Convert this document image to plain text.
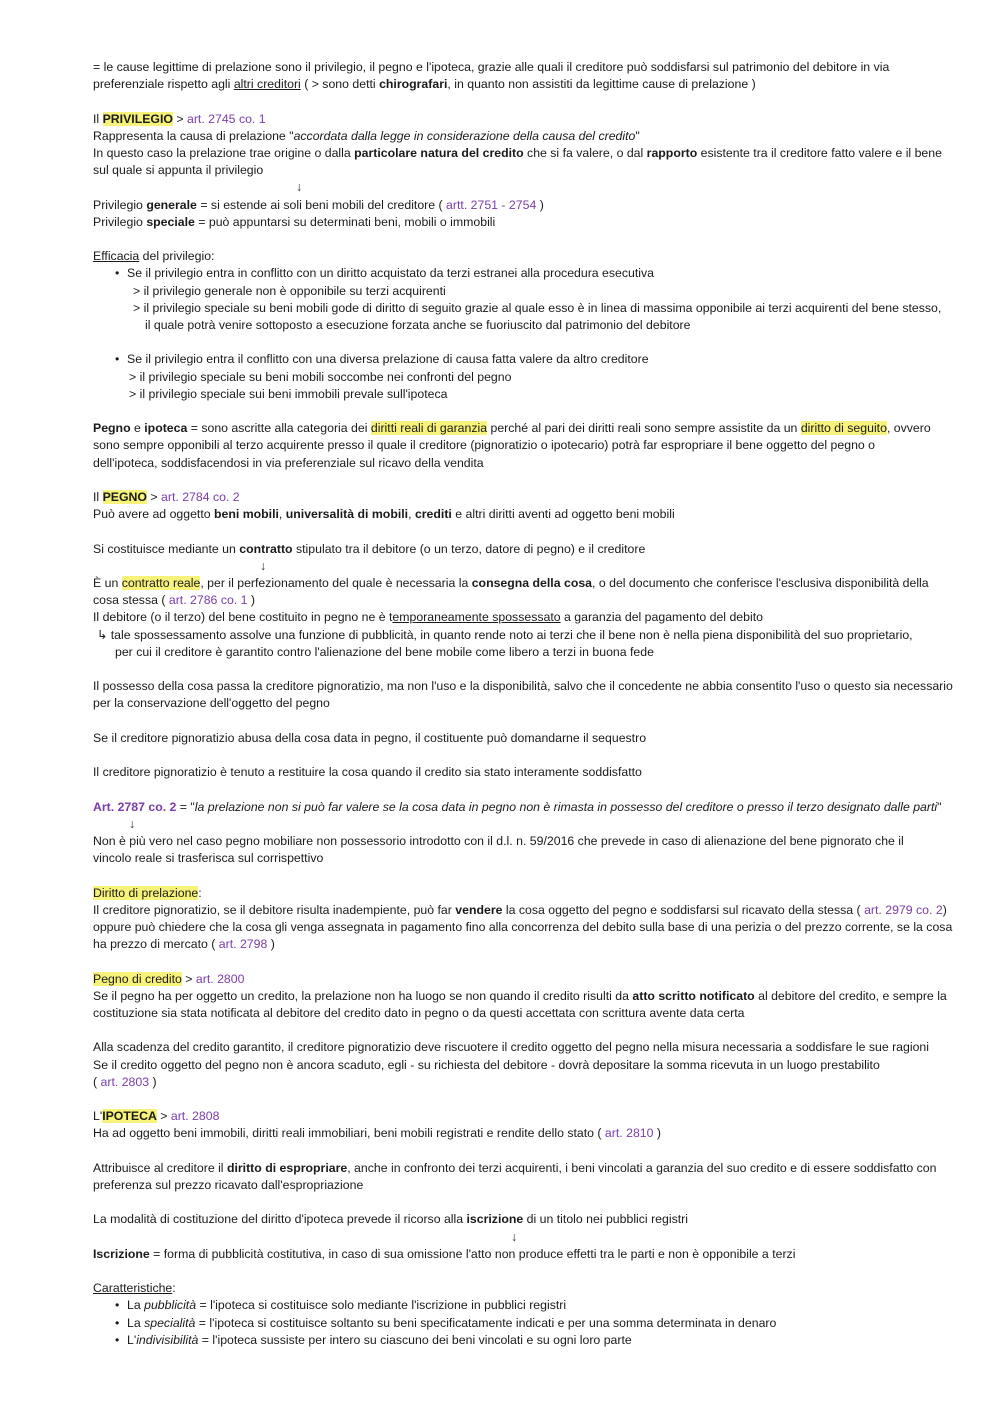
= le cause legittime di prelazione sono il privilegio, il pegno e l'ipoteca, grazie alle quali il creditore può soddisfarsi sul patrimonio del debitore in via
preferenziale rispetto agli altri creditori ( > sono detti chirografari, in quanto non assistiti da legittime cause di prelazione )
Il PRIVILEGIO > art. 2745 co. 1
Rappresenta la causa di prelazione "accordata dalla legge in considerazione della causa del credito"
In questo caso la prelazione trae origine o dalla particolare natura del credito che si fa valere, o dal rapporto esistente tra il creditore fatto valere e il bene
sul quale si appunta il privilegio
↓
Privilegio generale = si estende ai soli beni mobili del creditore ( artt. 2751 - 2754 )
Privilegio speciale = può appuntarsi su determinati beni, mobili o immobili
Efficacia del privilegio:
• Se il privilegio entra in conflitto con un diritto acquistato da terzi estranei alla procedura esecutiva
> il privilegio generale non è opponibile su terzi acquirenti
> il privilegio speciale su beni mobili gode di diritto di seguito grazie al quale esso è in linea di massima opponibile ai terzi acquirenti del bene stesso,
il quale potrà venire sottoposto a esecuzione forzata anche se fuoriuscito dal patrimonio del debitore
• Se il privilegio entra il conflitto con una diversa prelazione di causa fatta valere da altro creditore
> il privilegio speciale su beni mobili soccombe nei confronti del pegno
> il privilegio speciale sui beni immobili prevale sull'ipoteca
Pegno e ipoteca = sono ascritte alla categoria dei diritti reali di garanzia perché al pari dei diritti reali sono sempre assistite da un diritto di seguito, ovvero
sono sempre opponibili al terzo acquirente presso il quale il creditore (pignoratizio o ipotecario) potrà far espropriare il bene oggetto del pegno o
dell'ipoteca, soddisfacendosi in via preferenziale sul ricavo della vendita
Il PEGNO > art. 2784 co. 2
Può avere ad oggetto beni mobili, universalità di mobili, crediti e altri diritti aventi ad oggetto beni mobili
Si costituisce mediante un contratto stipulato tra il debitore (o un terzo, datore di pegno) e il creditore
↓
È un contratto reale, per il perfezionamento del quale è necessaria la consegna della cosa, o del documento che conferisce l'esclusiva disponibilità della
cosa stessa ( art. 2786 co. 1 )
Il debitore (o il terzo) del bene costituito in pegno ne è temporaneamente spossessato a garanzia del pagamento del debito
↳ tale spossessamento assolve una funzione di pubblicità, in quanto rende noto ai terzi che il bene non è nella piena disponibilità del suo proprietario,
per cui il creditore è garantito contro l'alienazione del bene mobile come libero a terzi in buona fede
Il possesso della cosa passa la creditore pignoratizio, ma non l'uso e la disponibilità, salvo che il concedente ne abbia consentito l'uso o questo sia necessario
per la conservazione dell'oggetto del pegno
Se il creditore pignoratizio abusa della cosa data in pegno, il costituente può domandarne il sequestro
Il creditore pignoratizio è tenuto a restituire la cosa quando il credito sia stato interamente soddisfatto
Art. 2787 co. 2 = "la prelazione non si può far valere se la cosa data in pegno non è rimasta in possesso del creditore o presso il terzo designato dalle parti"
↓
Non è più vero nel caso pegno mobiliare non possessorio introdotto con il d.l. n. 59/2016 che prevede in caso di alienazione del bene pignorato che il
vincolo reale si trasferisca sul corrispettivo
Diritto di prelazione:
Il creditore pignoratizio, se il debitore risulta inadempiente, può far vendere la cosa oggetto del pegno e soddisfarsi sul ricavato della stessa ( art. 2979 co. 2)
oppure può chiedere che la cosa gli venga assegnata in pagamento fino alla concorrenza del debito sulla base di una perizia o del prezzo corrente, se la cosa
ha prezzo di mercato ( art. 2798 )
Pegno di credito > art. 2800
Se il pegno ha per oggetto un credito, la prelazione non ha luogo se non quando il credito risulti da atto scritto notificato al debitore del credito, e sempre la
costituzione sia stata notificata al debitore del credito dato in pegno o da questi accettata con scrittura avente data certa
Alla scadenza del credito garantito, il creditore pignoratizio deve riscuotere il credito oggetto del pegno nella misura necessaria a soddisfare le sue ragioni
Se il credito oggetto del pegno non è ancora scaduto, egli - su richiesta del debitore - dovrà depositare la somma ricevuta in un luogo prestabilito
( art. 2803 )
L'IPOTECA > art. 2808
Ha ad oggetto beni immobili, diritti reali immobiliari, beni mobili registrati e rendite dello stato ( art. 2810 )
Attribuisce al creditore il diritto di espropriare, anche in confronto dei terzi acquirenti, i beni vincolati a garanzia del suo credito e di essere soddisfatto con
preferenza sul prezzo ricavato dall'espropriazione
La modalità di costituzione del diritto d'ipoteca prevede il ricorso alla iscrizione di un titolo nei pubblici registri
↓
Iscrizione = forma di pubblicità costitutiva, in caso di sua omissione l'atto non produce effetti tra le parti e non è opponibile a terzi
Caratteristiche:
• La pubblicità = l'ipoteca si costituisce solo mediante l'iscrizione in pubblici registri
• La specialità = l'ipoteca si costituisce soltanto su beni specificatamente indicati e per una somma determinata in denaro
• L'indivisibilità = l'ipoteca sussiste per intero su ciascuno dei beni vincolati e su ogni loro parte
